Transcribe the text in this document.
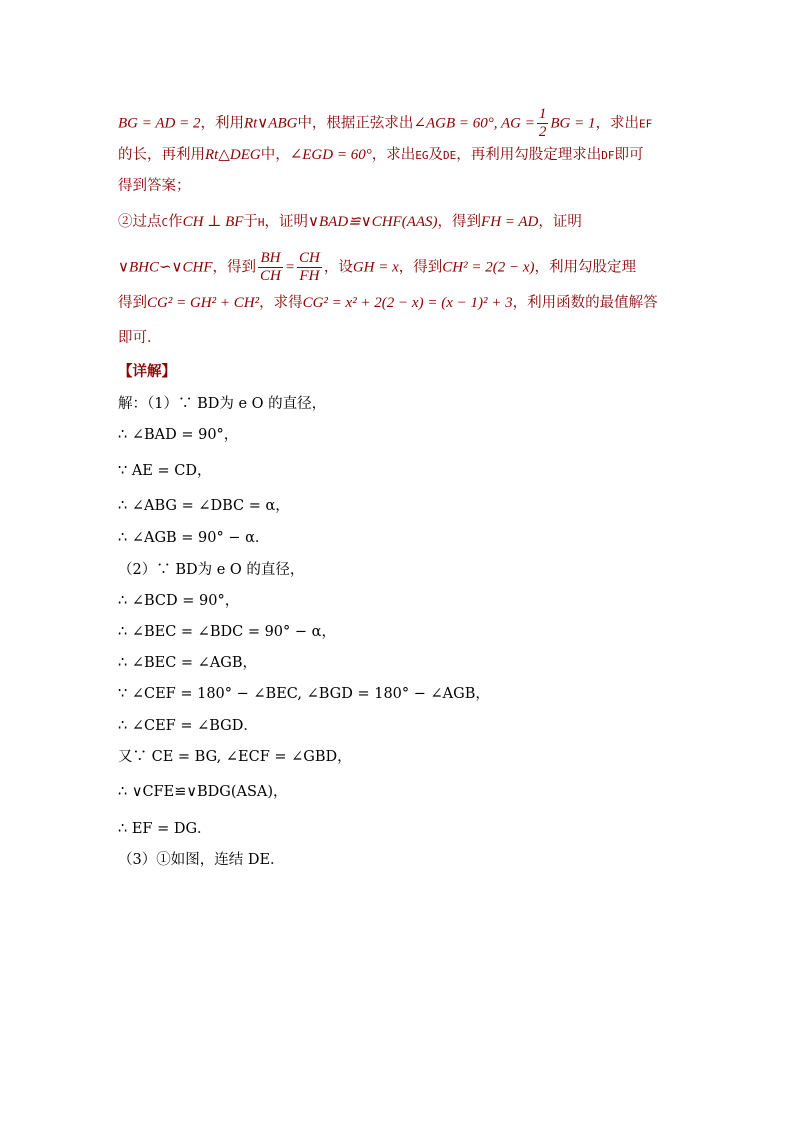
BG = AD = 2，利用Rt∨ABG中，根据正弦求出∠AGB = 60°, AG = $\frac{1}{2}$ BG = 1，求出EF
的长，再利用Rt△DEG中，∠EGD = 60°，求出EG及DE，再利用勾股定理求出DF即可
得到答案；
②过点C作CH ⊥ BF于H，证明∨BAD≌∨CHF(AAS)，得到FH = AD，证明
∨BHC∽∨CHF，得到 $\frac{BH}{CH} = \frac{CH}{FH}$ ，设GH = x，得到CH² = 2(2 − x)，利用勾股定理
得到CG² = GH² + CH²，求得CG² = x² + 2(2 − x) = (x − 1)² + 3，利用函数的最值解答
即可．
【详解】
解：（1）∵ BD为 e O 的直径，
∴ ∠BAD = 90°，
∵ AE = CD，
∴ ∠ABG = ∠DBC = α，
∴ ∠AGB = 90° − α．
（2）∵ BD为 e O 的直径，
∴ ∠BCD = 90°，
∴ ∠BEC = ∠BDC = 90° − α，
∴ ∠BEC = ∠AGB，
∵ ∠CEF = 180° − ∠BEC, ∠BGD = 180° − ∠AGB，
∴ ∠CEF = ∠BGD．
又∵ CE = BG, ∠ECF = ∠GBD，
∴ ∨CFE≌∨BDG(ASA)，
∴ EF = DG．
（3）①如图，连结 DE．
